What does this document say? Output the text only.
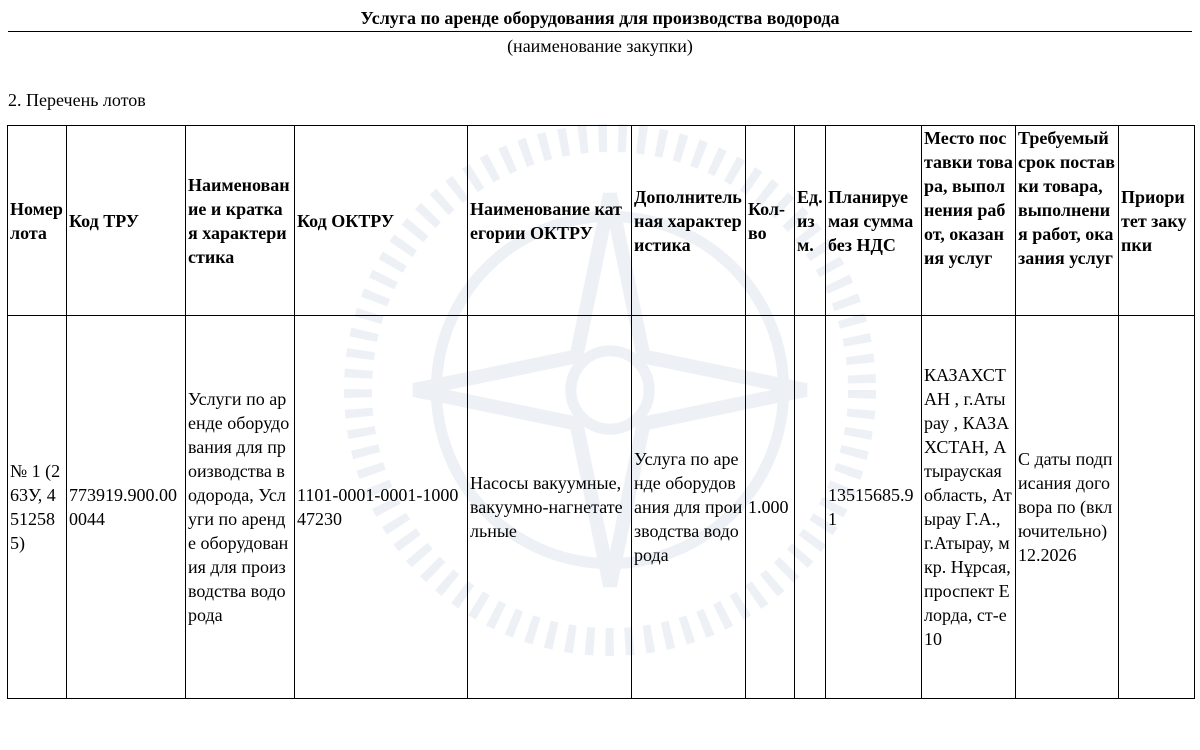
Услуга по аренде оборудования для производства водорода
(наименование закупки)
2. Перечень лотов
Номер лота	Код ТРУ	Наименование и краткая характеристика	Код ОКТРУ	Наименование категории ОКТРУ	Дополнительная характеристика	Кол-во	Ед. изм.	Планируемая сумма без НДС	Место поставки товара, выполнения работ, оказания услуг	Требуемый срок поставки товара, выполнения работ, оказания услуг	Приоритет закупки
№ 1 (263У, 4512585)	773919.900.000044	Услуги по аренде оборудования для производства водорода, Услуги по аренде оборудования для производства водорода	1101-0001-0001-100047230	Насосы вакуумные, вакуумно-нагнетательные	Услуга по аренде оборудования для производства водорода	1.000		13515685.91	КАЗАХСТАН , г.Атырау , КАЗАХСТАН, Атырауская область, Атырау Г.А., г.Атырау, мкр. Нұрсая, проспект Елорда, ст-е 10	С даты подписания договора по (включительно) 12.2026	
